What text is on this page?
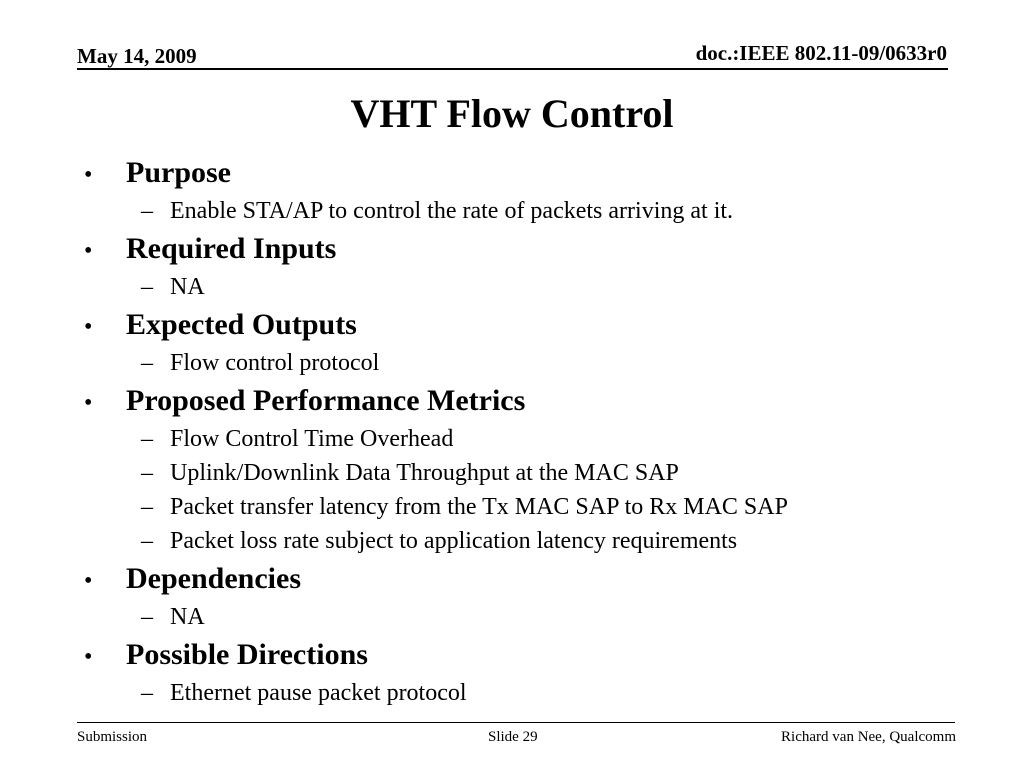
May 14, 2009	doc.:IEEE 802.11-09/0633r0
VHT Flow Control
•	Purpose
– Enable STA/AP to control the rate of packets arriving at it.
•	Required Inputs
– NA
•	Expected Outputs
– Flow control protocol
•	Proposed Performance Metrics
– Flow Control Time Overhead
– Uplink/Downlink Data Throughput at the MAC SAP
– Packet transfer latency from the Tx MAC SAP to Rx MAC SAP
– Packet loss rate subject to application latency requirements
•	Dependencies
– NA
•	Possible Directions
– Ethernet pause packet protocol
Submission	Slide 29	Richard van Nee, Qualcomm
